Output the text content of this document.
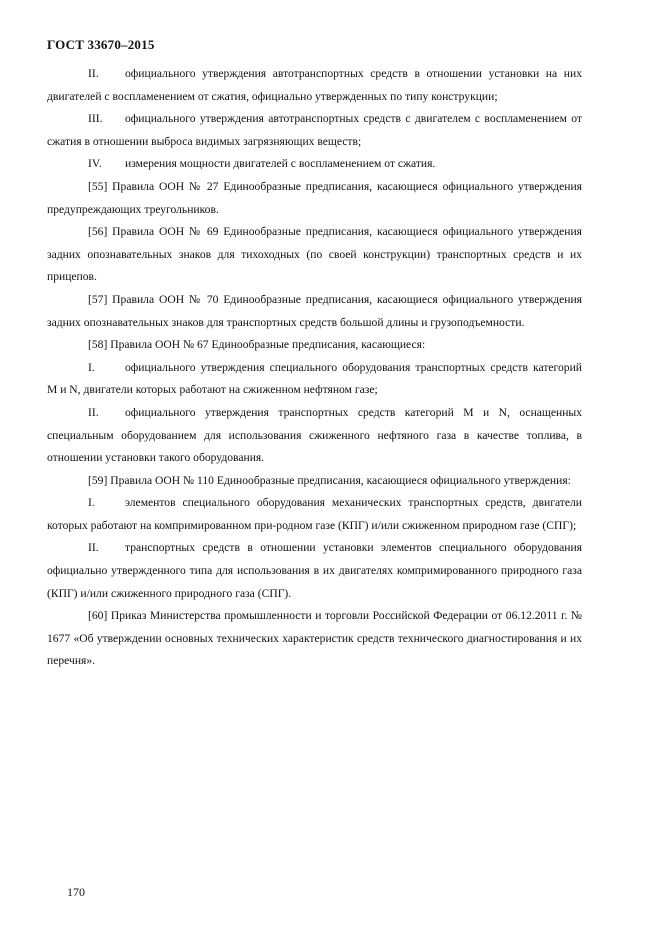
ГОСТ 33670–2015

II. официального утверждения автотранспортных средств в отношении установки на них двигателей с воспламенением от сжатия, официально утвержденных по типу конструкции;

III. официального утверждения автотранспортных средств с двигателем с воспламенением от сжатия в отношении выброса видимых загрязняющих веществ;

IV. измерения мощности двигателей с воспламенением от сжатия.

[55] Правила ООН № 27 Единообразные предписания, касающиеся официального утверждения предупреждающих треугольников.

[56] Правила ООН № 69 Единообразные предписания, касающиеся официального утверждения задних опознавательных знаков для тихоходных (по своей конструкции) транспортных средств и их прицепов.

[57] Правила ООН № 70 Единообразные предписания, касающиеся официального утверждения задних опознавательных знаков для транспортных средств большой длины и грузоподъемности.

[58] Правила ООН № 67 Единообразные предписания, касающиеся:

I.	официального утверждения специального оборудования транспортных средств категорий M и N, двигатели которых работают на сжиженном нефтяном газе;

II. официального утверждения транспортных средств категорий M и N, оснащенных специальным оборудованием для использования сжиженного нефтяного газа в качестве топлива, в отношении установки такого оборудования.

[59] Правила ООН № 110 Единообразные предписания, касающиеся официального утверждения:

I.	элементов специального оборудования механических транспортных средств, двигатели которых работают на компримированном при-родном газе (КПГ) и/или сжиженном природном газе (СПГ);

II. транспортных средств в отношении установки элементов специального оборудования официально утвержденного типа для использования в их двигателях компримированного природного газа (КПГ) и/или сжиженного природного газа (СПГ).

[60] Приказ Министерства промышленности и торговли Российской Федерации от 06.12.2011 г. № 1677 «Об утверждении основных технических характеристик средств технического диагностирования и их перечня».

170
